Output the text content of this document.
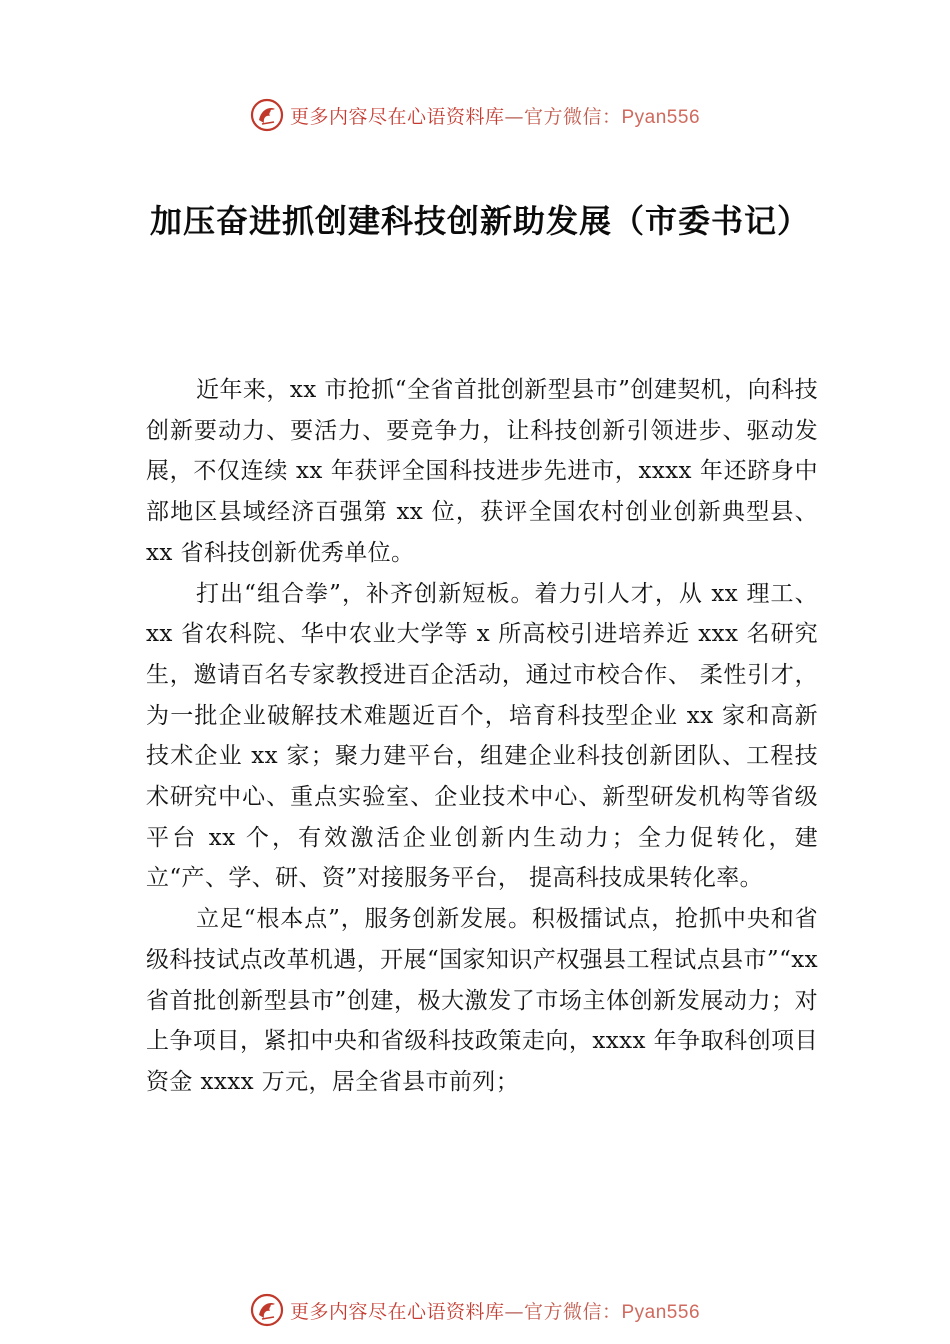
更多内容尽在心语资料库—官方微信：Pyan556
加压奋进抓创建科技创新助发展（市委书记）

近年来，xx 市抢抓“全省首批创新型县市”创建契机，向科技创新要动力、要活力、要竞争力，让科技创新引领进步、驱动发展，不仅连续 xx 年获评全国科技进步先进市，xxxx 年还跻身中部地区县域经济百强第 xx 位，获评全国农村创业创新典型县、xx 省科技创新优秀单位。

打出“组合拳”，补齐创新短板。着力引人才，从 xx 理工、xx 省农科院、华中农业大学等 x 所高校引进培养近 xxx 名研究生，邀请百名专家教授进百企活动，通过市校合作、 柔性引才，为一批企业破解技术难题近百个，培育科技型企业 xx 家和高新技术企业 xx 家；聚力建平台，组建企业科技创新团队、工程技术研究中心、重点实验室、企业技术中心、新型研发机构等省级平台 xx 个，有效激活企业创新内生动力；全力促转化，建立“产、学、研、资”对接服务平台， 提高科技成果转化率。

立足“根本点”，服务创新发展。积极擂试点，抢抓中央和省级科技试点改革机遇，开展“国家知识产权强县工程试点县市”“xx 省首批创新型县市”创建，极大激发了市场主体创新发展动力；对上争项目，紧扣中央和省级科技政策走向，xxxx 年争取科创项目资金 xxxx 万元，居全省县市前列；

更多内容尽在心语资料库—官方微信：Pyan556
